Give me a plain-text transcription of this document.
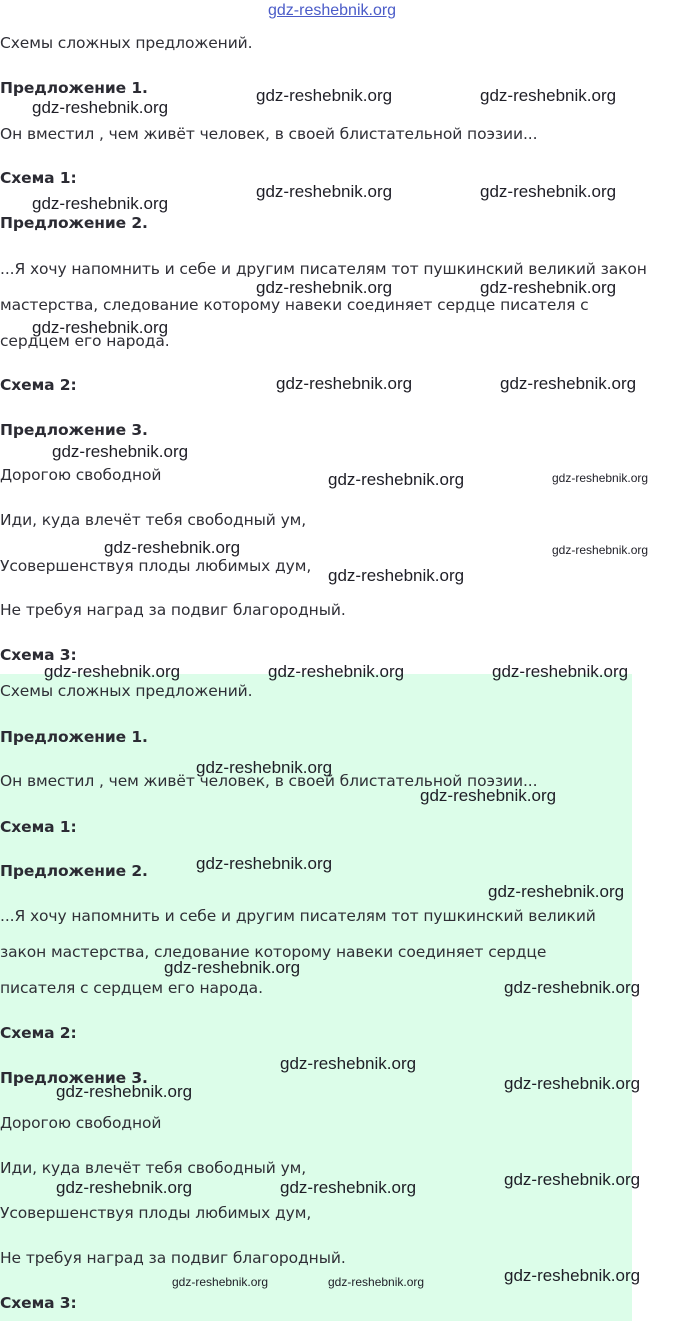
gdz-reshebnik.org
Схемы сложных предложений.
Предложение 1.
Он вместил , чем живёт человек, в своей блистательной поэзии...
Схема 1:
Предложение 2.
...Я хочу напомнить и себе и другим писателям тот пушкинский великий закон
мастерства, следование которому навеки соединяет сердце писателя с
сердцем его народа.
Схема 2:
Предложение 3.
Дорогою свободной
Иди, куда влечёт тебя свободный ум,
Усовершенствуя плоды любимых дум,
Не требуя наград за подвиг благородный.
Схема 3:
Схемы сложных предложений.
Предложение 1.
Он вместил , чем живёт человек, в своей блистательной поэзии...
Схема 1:
Предложение 2.
...Я хочу напомнить и себе и другим писателям тот пушкинский великий
закон мастерства, следование которому навеки соединяет сердце
писателя с сердцем его народа.
Схема 2:
Предложение 3.
Дорогою свободной
Иди, куда влечёт тебя свободный ум,
Усовершенствуя плоды любимых дум,
Не требуя наград за подвиг благородный.
Схема 3:
gdz-reshebnik.org
gdz-reshebnik.org	gdz-reshebnik.org
gdz-reshebnik.org	gdz-reshebnik.org
gdz-reshebnik.org
gdz-reshebnik.org	gdz-reshebnik.org
gdz-reshebnik.org
gdz-reshebnik.org	gdz-reshebnik.org
gdz-reshebnik.org
gdz-reshebnik.org	gdz-reshebnik.org
gdz-reshebnik.org	gdz-reshebnik.org
gdz-reshebnik.org
gdz-reshebnik.org	gdz-reshebnik.org	gdz-reshebnik.org
gdz-reshebnik.org
gdz-reshebnik.org
gdz-reshebnik.org
gdz-reshebnik.org
gdz-reshebnik.org
gdz-reshebnik.org
gdz-reshebnik.org
gdz-reshebnik.org
gdz-reshebnik.org
gdz-reshebnik.org
gdz-reshebnik.org	gdz-reshebnik.org
gdz-reshebnik.org
gdz-reshebnik.org	gdz-reshebnik.org
